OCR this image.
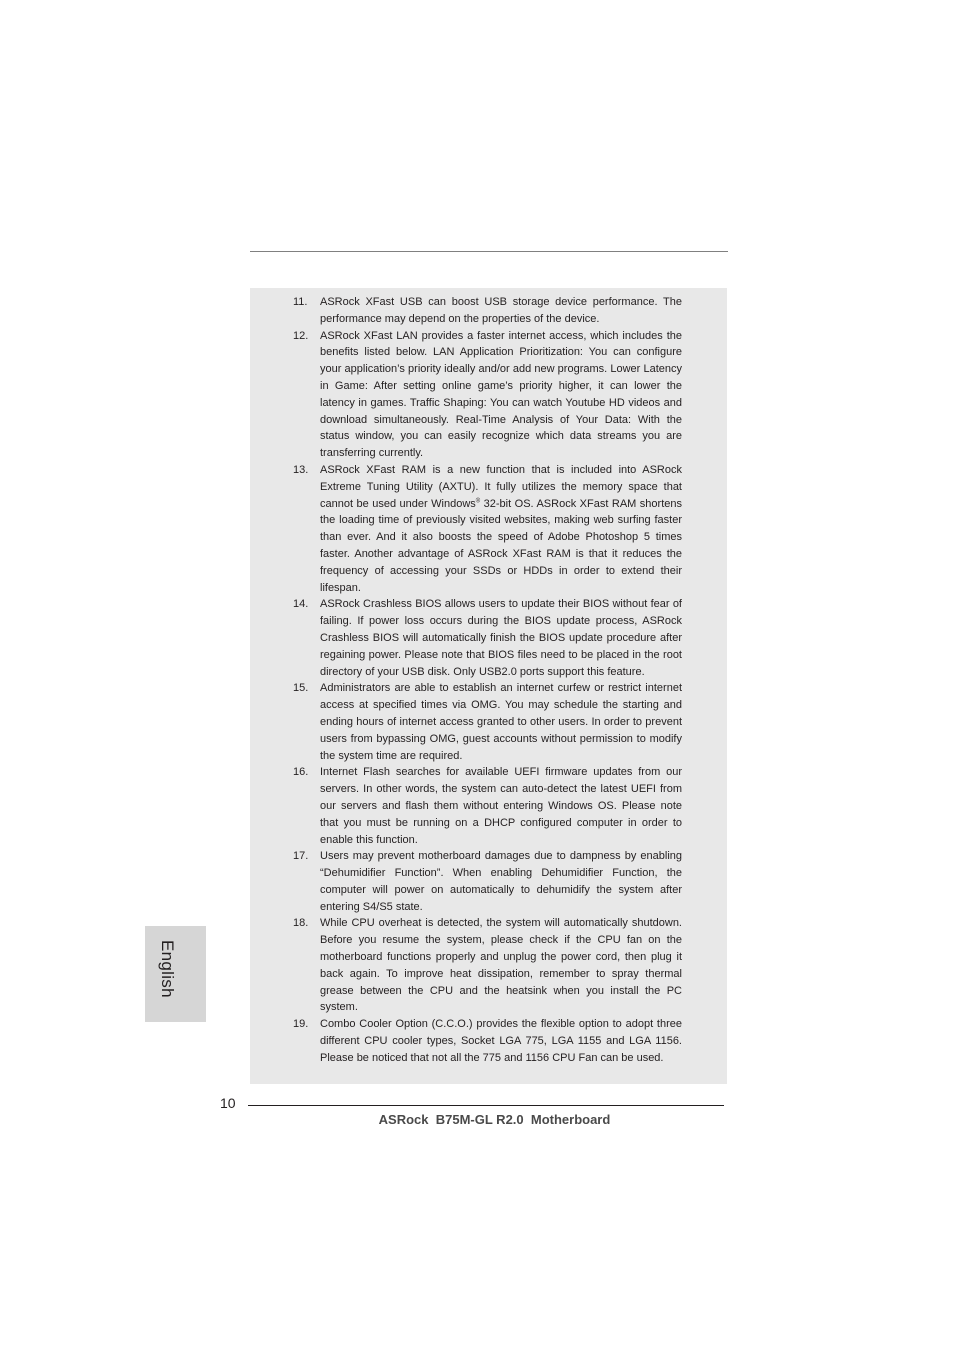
11.	ASRock XFast USB can boost USB storage device performance. The performance may depend on the properties of the device.
12.	ASRock XFast LAN provides a faster internet access, which includes the benefits listed below. LAN Application Prioritization: You can configure your application’s priority ideally and/or add new programs. Lower Latency in Game: After setting online game’s priority higher, it can lower the latency in games. Traffic Shaping: You can watch Youtube HD videos and download simultaneously. Real-Time Analysis of Your Data: With the status window, you can easily recognize which data streams you are transferring currently.
13.	ASRock XFast RAM is a new function that is included into ASRock Extreme Tuning Utility (AXTU). It fully utilizes the memory space that cannot be used under Windows® 32-bit OS. ASRock XFast RAM shortens the loading time of previously visited websites, making web surfing faster than ever. And it also boosts the speed of Adobe Photoshop 5 times faster. Another advantage of ASRock XFast RAM is that it reduces the frequency of accessing your SSDs or HDDs in order to extend their lifespan.
14.	ASRock Crashless BIOS allows users to update their BIOS without fear of failing. If power loss occurs during the BIOS update process, ASRock Crashless BIOS will automatically finish the BIOS update procedure after regaining power. Please note that BIOS files need to be placed in the root directory of your USB disk. Only USB2.0 ports support this feature.
15.	Administrators are able to establish an internet curfew or restrict internet access at specified times via OMG. You may schedule the starting and ending hours of internet access granted to other users. In order to prevent users from bypassing OMG, guest accounts without permission to modify the system time are required.
16.	Internet Flash searches for available UEFI firmware updates from our servers. In other words, the system can auto-detect the latest UEFI from our servers and flash them without entering Windows OS. Please note that you must be running on a DHCP configured computer in order to enable this function.
17.	Users may prevent motherboard damages due to dampness by enabling “Dehumidifier Function”. When enabling Dehumidifier Function, the computer will power on automatically to dehumidify the system after entering S4/S5 state.
18.	While CPU overheat is detected, the system will automatically shutdown. Before you resume the system, please check if the CPU fan on the motherboard functions properly and unplug the power cord, then plug it back again. To improve heat dissipation, remember to spray thermal grease between the CPU and the heatsink when you install the PC system.
19.	Combo Cooler Option (C.C.O.) provides the flexible option to adopt three different CPU cooler types, Socket LGA 775, LGA 1155 and LGA 1156. Please be noticed that not all the 775 and 1156 CPU Fan can be used.
English
10
ASRock  B75M-GL R2.0  Motherboard
